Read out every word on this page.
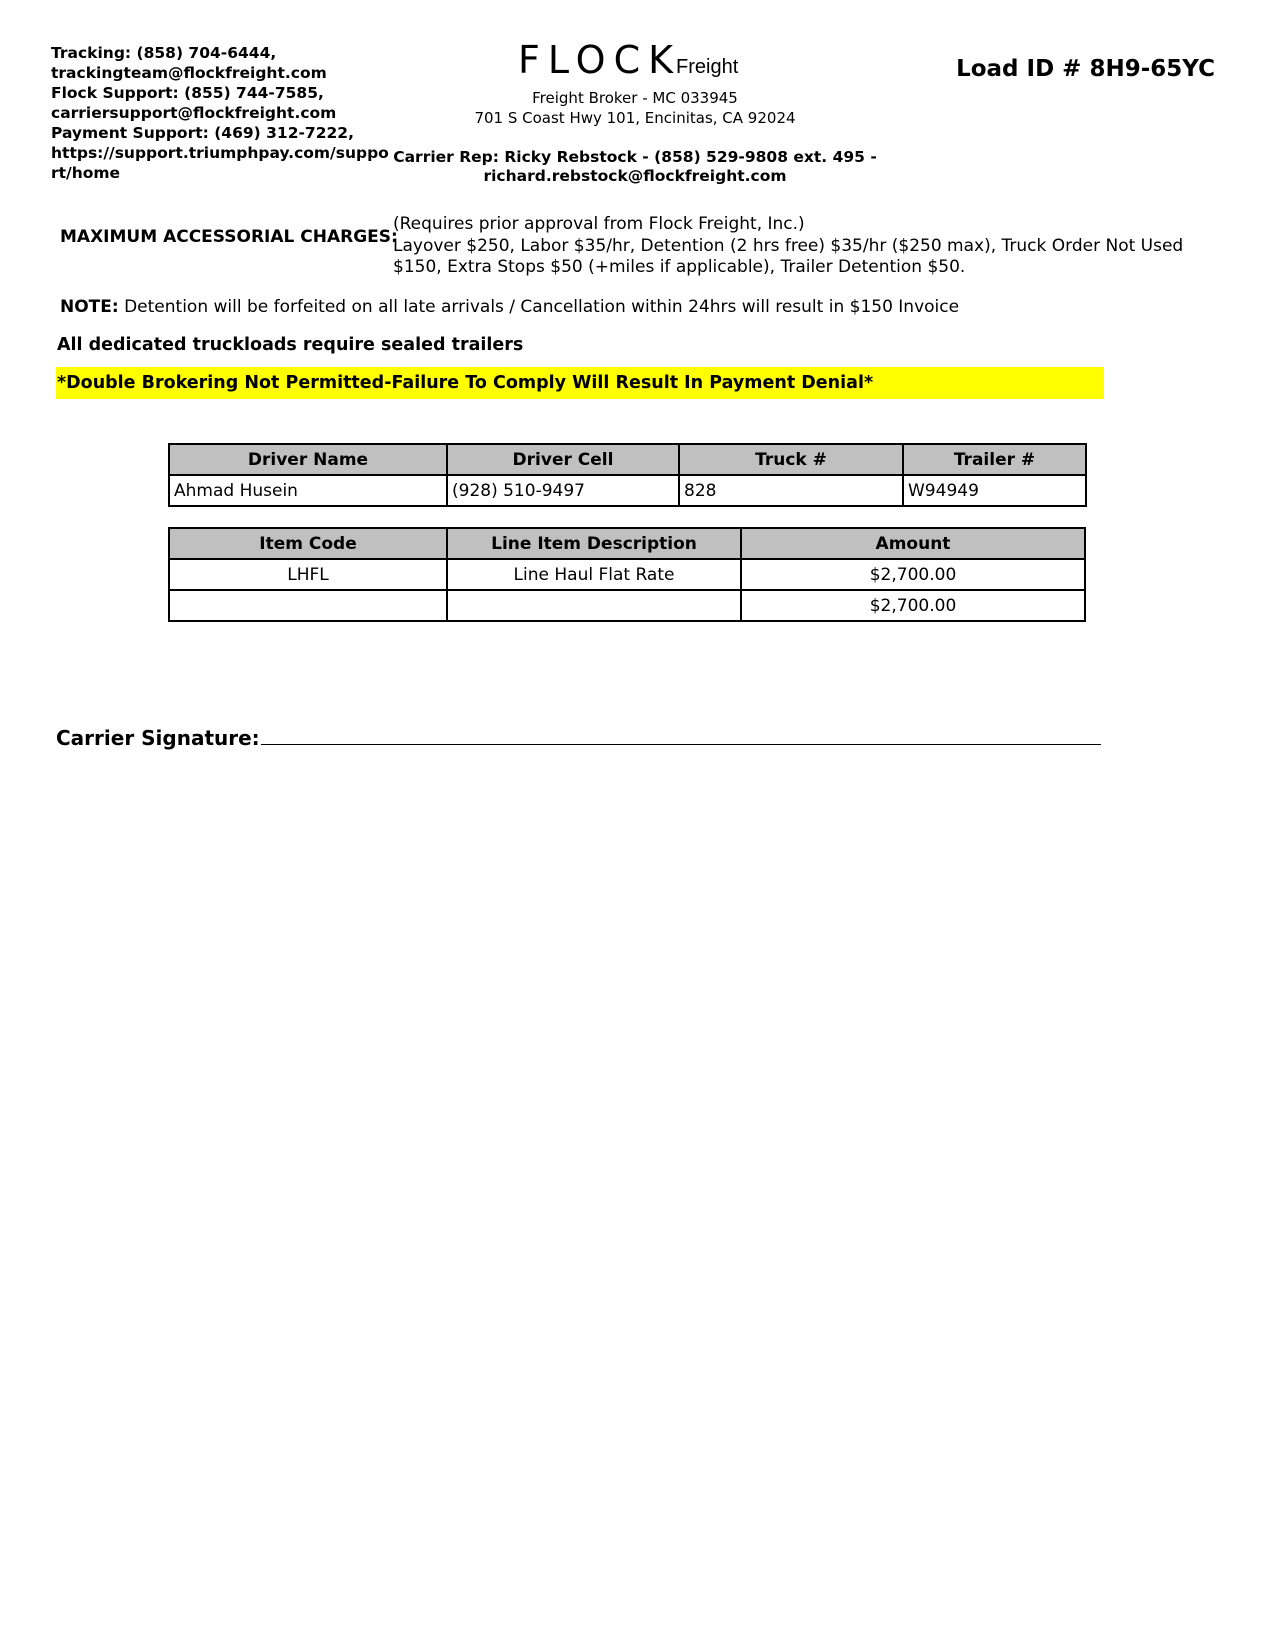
Tracking: (858) 704-6444,
trackingteam@flockfreight.com
Flock Support: (855) 744-7585,
carriersupport@flockfreight.com
Payment Support: (469) 312-7222,
https://support.triumphpay.com/support/home
FLOCK
Freight
Freight Broker - MC 033945
701 S Coast Hwy 101, Encinitas, CA 92024
Carrier Rep: Ricky Rebstock - (858) 529-9808 ext. 495 -
richard.rebstock@flockfreight.com
Load ID # 8H9-65YC
MAXIMUM ACCESSORIAL CHARGES:
(Requires prior approval from Flock Freight, Inc.)
Layover $250, Labor $35/hr, Detention (2 hrs free) $35/hr ($250 max), Truck Order Not Used $150, Extra Stops $50 (+miles if applicable), Trailer Detention $50.
NOTE: Detention will be forfeited on all late arrivals / Cancellation within 24hrs will result in $150 Invoice
All dedicated truckloads require sealed trailers
*Double Brokering Not Permitted-Failure To Comply Will Result In Payment Denial*
Driver Name	Driver Cell	Truck #	Trailer #
Ahmad Husein	(928) 510-9497	828	W94949
Item Code	Line Item Description	Amount
LHFL	Line Haul Flat Rate	$2,700.00
		$2,700.00
Carrier Signature:
